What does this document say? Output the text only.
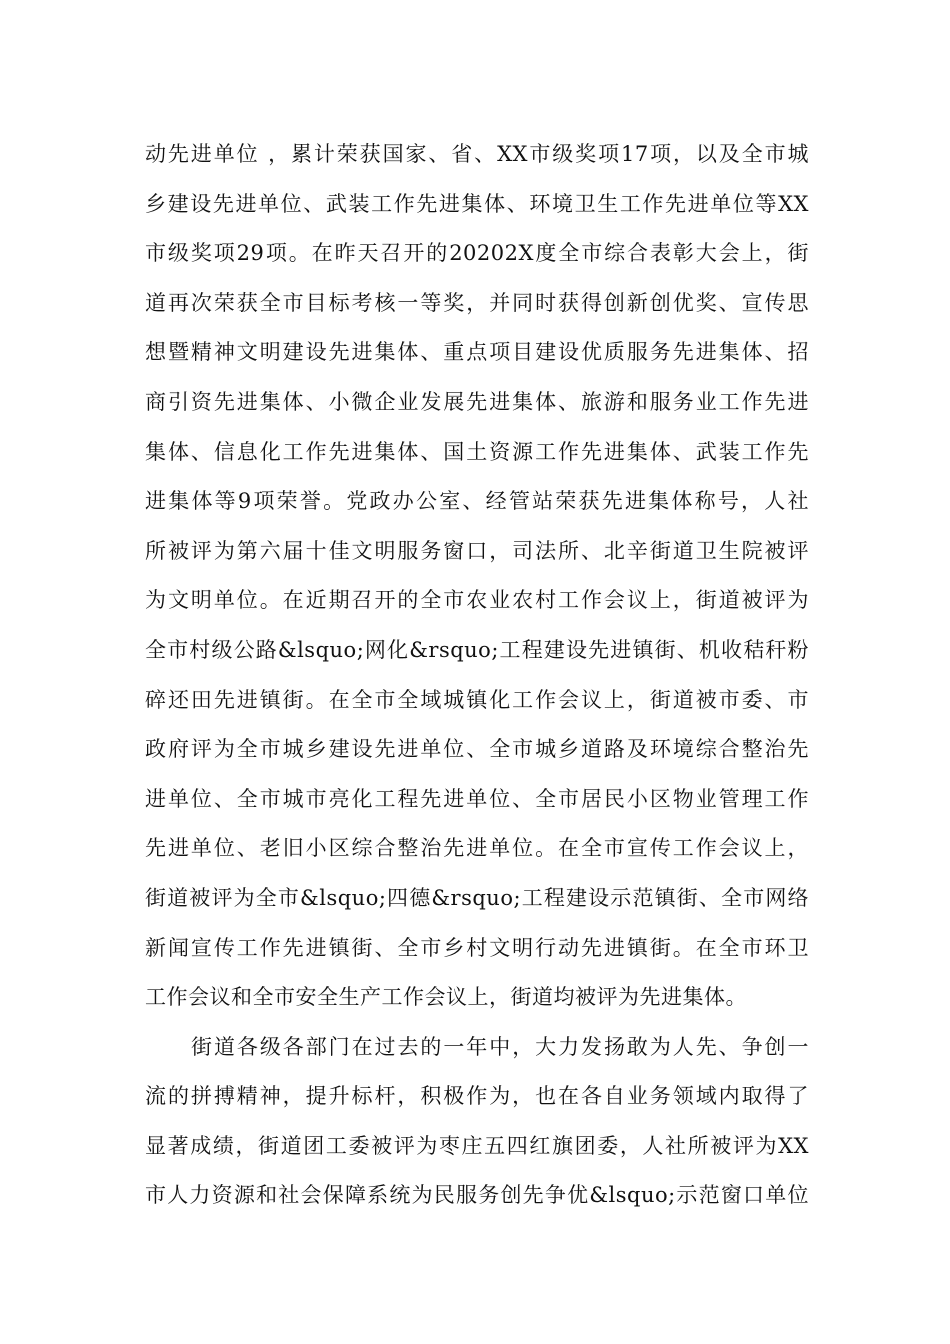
动先进单位 ，累计荣获国家、省、XX市级奖项17项，以及全市城
乡建设先进单位、武装工作先进集体、环境卫生工作先进单位等XX
市级奖项29项。在昨天召开的20202X度全市综合表彰大会上，街
道再次荣获全市目标考核一等奖，并同时获得创新创优奖、宣传思
想暨精神文明建设先进集体、重点项目建设优质服务先进集体、招
商引资先进集体、小微企业发展先进集体、旅游和服务业工作先进
集体、信息化工作先进集体、国土资源工作先进集体、武装工作先
进集体等9项荣誉。党政办公室、经管站荣获先进集体称号，人社
所被评为第六届十佳文明服务窗口，司法所、北辛街道卫生院被评
为文明单位。在近期召开的全市农业农村工作会议上，街道被评为
全市村级公路&lsquo;网化&rsquo;工程建设先进镇街、机收秸秆粉
碎还田先进镇街。在全市全域城镇化工作会议上，街道被市委、市
政府评为全市城乡建设先进单位、全市城乡道路及环境综合整治先
进单位、全市城市亮化工程先进单位、全市居民小区物业管理工作
先进单位、老旧小区综合整治先进单位。在全市宣传工作会议上，
街道被评为全市&lsquo;四德&rsquo;工程建设示范镇街、全市网络
新闻宣传工作先进镇街、全市乡村文明行动先进镇街。在全市环卫
工作会议和全市安全生产工作会议上，街道均被评为先进集体。
街道各级各部门在过去的一年中，大力发扬敢为人先、争创一
流的拼搏精神，提升标杆，积极作为，也在各自业务领域内取得了
显著成绩，街道团工委被评为枣庄五四红旗团委，人社所被评为XX
市人力资源和社会保障系统为民服务创先争优&lsquo;示范窗口单位
